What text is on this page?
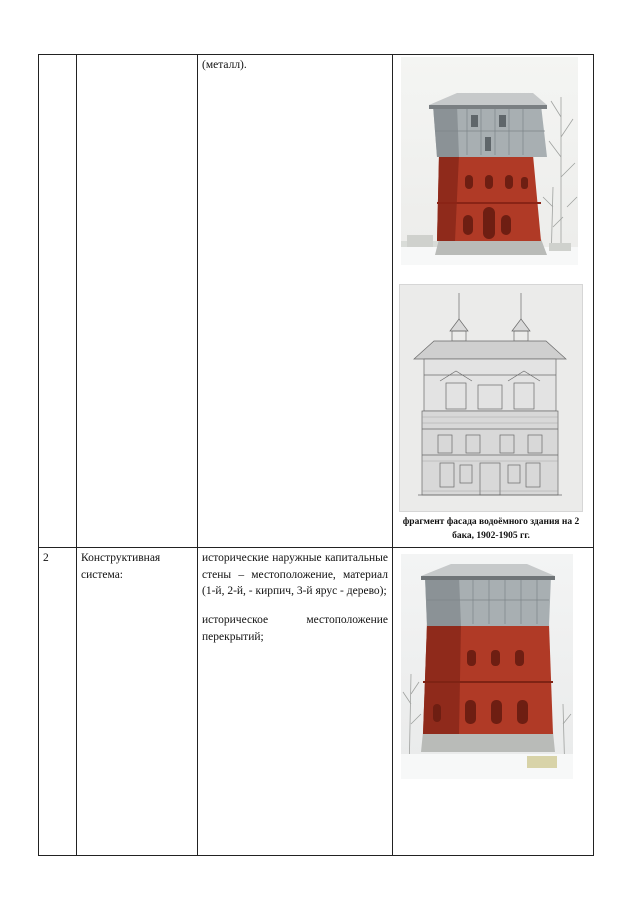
		(металл).	фрагмент фасада водоёмного здания на 2 бака, 1902-1905 гг.

2	Конструктивная система:	исторические наружные капитальные стены – местоположение, материал (1-й, 2-й, - кирпич, 3-й ярус - дерево);

историческое местоположение перекрытий;
